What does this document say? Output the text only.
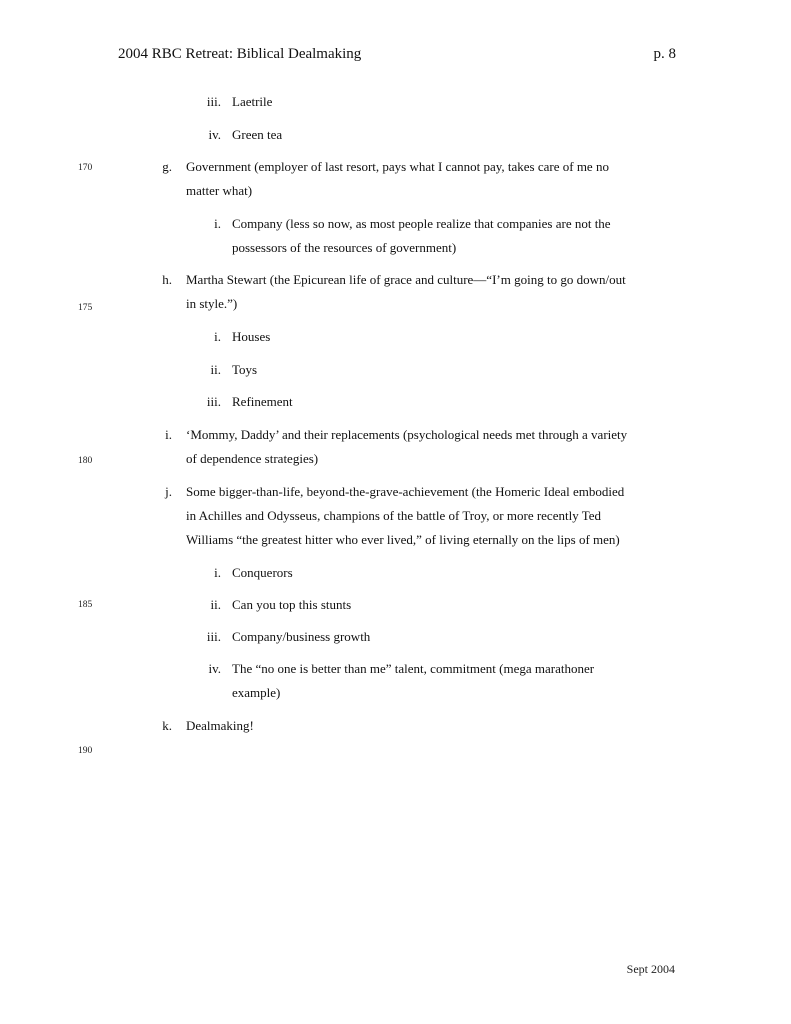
2004 RBC Retreat: Biblical Dealmaking	p. 8
170
175
180
185
190
iii. Laetrile
iv. Green tea
g. Government (employer of last resort, pays what I cannot pay, takes care of me no
matter what)
i. Company (less so now, as most people realize that companies are not the
possessors of the resources of government)
h. Martha Stewart (the Epicurean life of grace and culture—“I’m going to go down/out
in style.”)
i. Houses
ii. Toys
iii. Refinement
i. ‘Mommy, Daddy’ and their replacements (psychological needs met through a variety
of dependence strategies)
j. Some bigger-than-life, beyond-the-grave-achievement (the Homeric Ideal embodied
in Achilles and Odysseus, champions of the battle of Troy, or more recently Ted
Williams “the greatest hitter who ever lived,” of living eternally on the lips of men)
i. Conquerors
ii. Can you top this stunts
iii. Company/business growth
iv. The “no one is better than me” talent, commitment (mega marathoner
example)
k. Dealmaking!
Sept 2004
